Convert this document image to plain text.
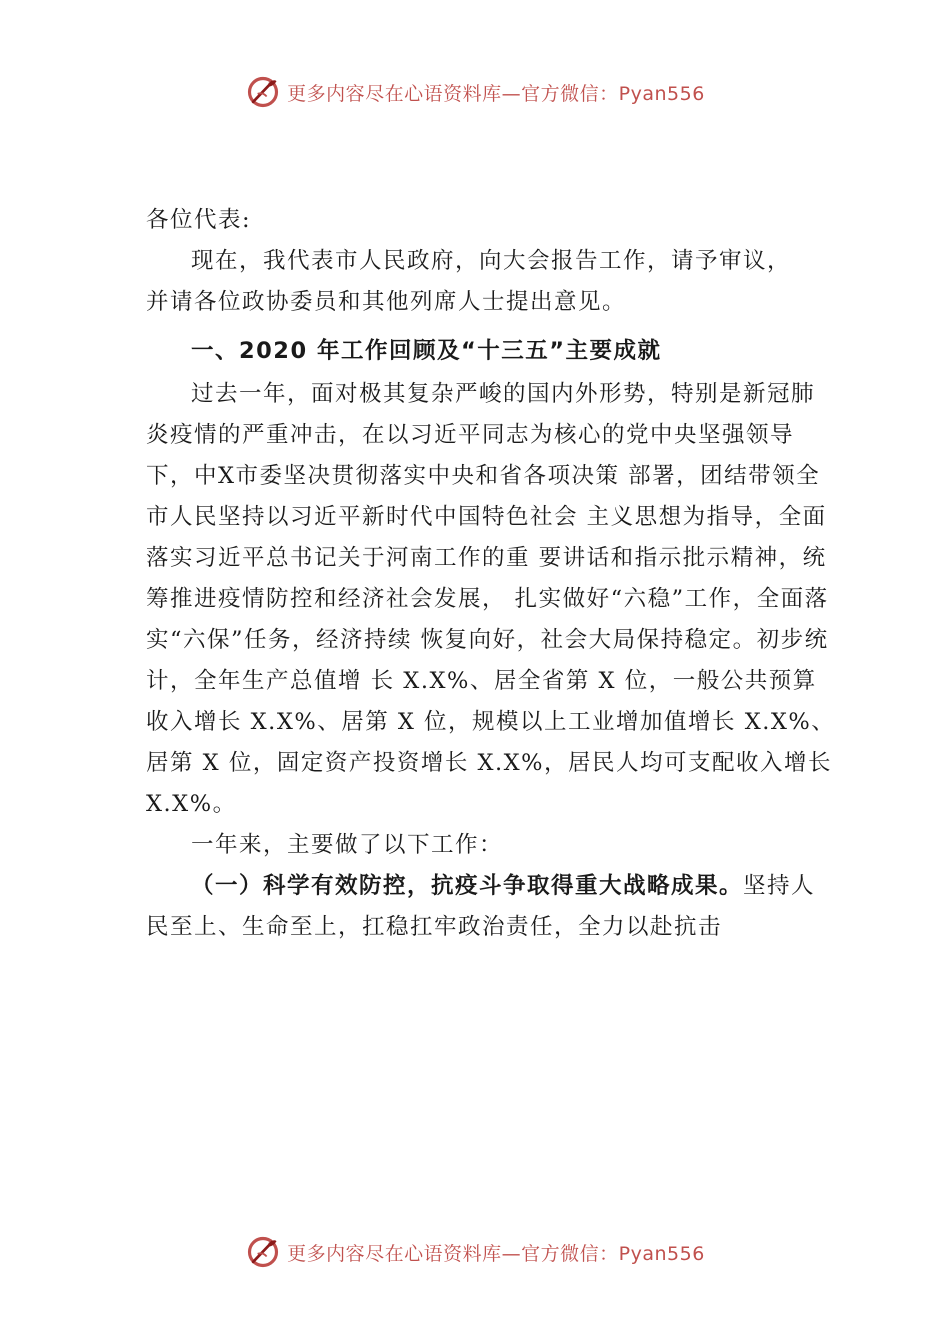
更多内容尽在心语资料库—官方微信：Pyan556

各位代表:

现在，我代表市人民政府，向大会报告工作，请予审议，

并请各位政协委员和其他列席人士提出意见。

一、2020 年工作回顾及“十三五”主要成就

过去一年，面对极其复杂严峻的国内外形势，特别是新冠肺炎疫情的严重冲击，在以习近平同志为核心的党中央坚强领导下，中X市委坚决贯彻落实中央和省各项决策 部署，团结带领全市人民坚持以习近平新时代中国特色社会 主义思想为指导，全面落实习近平总书记关于河南工作的重 要讲话和指示批示精神，统筹推进疫情防控和经济社会发展， 扎实做好“六稳”工作，全面落实“六保”任务，经济持续 恢复向好，社会大局保持稳定。初步统计，全年生产总值增 长 X.X%、居全省第 X 位，一般公共预算收入增长 X.X%、居第 X 位，规模以上工业增加值增长 X.X%、居第 X 位，固定资产投资增长 X.X%，居民人均可支配收入增长 X.X%。

一年来，主要做了以下工作：

（一）科学有效防控，抗疫斗争取得重大战略成果。坚持人民至上、生命至上，扛稳扛牢政治责任，全力以赴抗击

更多内容尽在心语资料库—官方微信：Pyan556
